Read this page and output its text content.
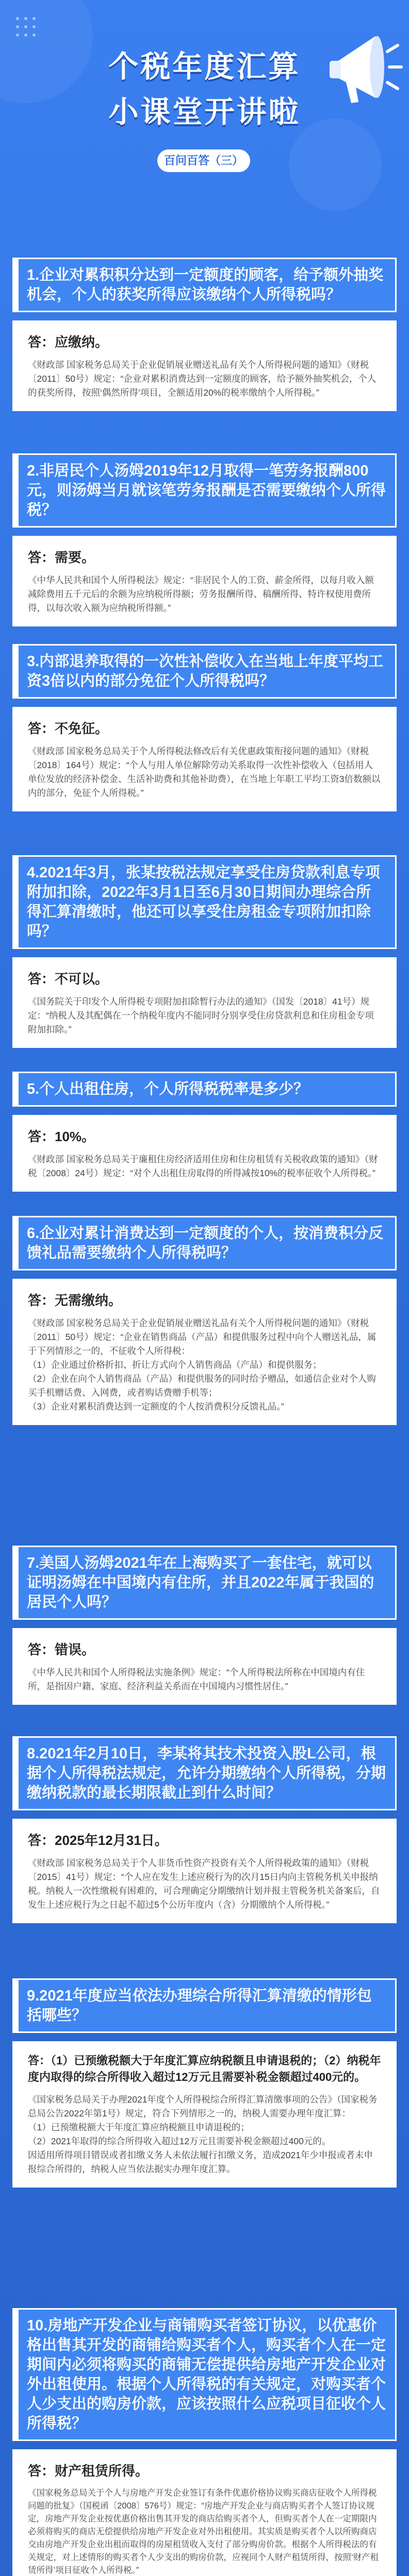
个税年度汇算
小课堂开讲啦
百问百答（三）
1.企业对累积积分达到一定额度的顾客，给予额外抽奖机会，个人的获奖所得应该缴纳个人所得税吗？
答：应缴纳。
《财政部 国家税务总局关于企业促销展业赠送礼品有关个人所得税问题的通知》（财税〔2011〕50号）规定：“企业对累积消费达到一定额度的顾客，给予额外抽奖机会，个人的获奖所得，按照‘偶然所得’项目，全额适用20%的税率缴纳个人所得税。”
2.非居民个人汤姆2019年12月取得一笔劳务报酬800元，则汤姆当月就该笔劳务报酬是否需要缴纳个人所得税？
答：需要。
《中华人民共和国个人所得税法》规定：“非居民个人的工资、薪金所得，以每月收入额减除费用五千元后的余额为应纳税所得额；劳务报酬所得、稿酬所得、特许权使用费所得，以每次收入额为应纳税所得额。”
3.内部退养取得的一次性补偿收入在当地上年度平均工资3倍以内的部分免征个人所得税吗？
答：不免征。
《财政部 国家税务总局关于个人所得税法修改后有关优惠政策衔接问题的通知》（财税〔2018〕164号）规定：“个人与用人单位解除劳动关系取得一次性补偿收入（包括用人单位发放的经济补偿金、生活补助费和其他补助费），在当地上年职工平均工资3倍数额以内的部分，免征个人所得税。”
4.2021年3月，张某按税法规定享受住房贷款利息专项附加扣除，2022年3月1日至6月30日期间办理综合所得汇算清缴时，他还可以享受住房租金专项附加扣除吗？
答：不可以。
《国务院关于印发个人所得税专项附加扣除暂行办法的通知》（国发〔2018〕41号）规定：“纳税人及其配偶在一个纳税年度内不能同时分别享受住房贷款利息和住房租金专项附加扣除。”
5.个人出租住房，个人所得税税率是多少？
答：10%。
《财政部 国家税务总局关于廉租住房经济适用住房和住房租赁有关税收政策的通知》（财税〔2008〕24号）规定：“对个人出租住房取得的所得减按10%的税率征收个人所得税。”
6.企业对累计消费达到一定额度的个人，按消费积分反馈礼品需要缴纳个人所得税吗？
答：无需缴纳。
《财政部 国家税务总局关于企业促销展业赠送礼品有关个人所得税问题的通知》（财税〔2011〕50号）规定：“企业在销售商品（产品）和提供服务过程中向个人赠送礼品，属于下列情形之一的，不征收个人所得税：
（1）企业通过价格折扣、折让方式向个人销售商品（产品）和提供服务；
（2）企业在向个人销售商品（产品）和提供服务的同时给予赠品，如通信企业对个人购买手机赠话费、入网费，或者购话费赠手机等；
（3）企业对累积消费达到一定额度的个人按消费积分反馈礼品。”
7.美国人汤姆2021年在上海购买了一套住宅，就可以证明汤姆在中国境内有住所，并且2022年属于我国的居民个人吗？
答：错误。
《中华人民共和国个人所得税法实施条例》规定：“个人所得税法所称在中国境内有住所，是指因户籍、家庭、经济利益关系而在中国境内习惯性居住。”
8.2021年2月10日，李某将其技术投资入股L公司，根据个人所得税法规定，允许分期缴纳个人所得税，分期缴纳税款的最长期限截止到什么时间？
答：2025年12月31日。
《财政部 国家税务总局关于个人非货币性资产投资有关个人所得税政策的通知》（财税〔2015〕41号）规定：“个人应在发生上述应税行为的次月15日内向主管税务机关申报纳税。纳税人一次性缴税有困难的，可合理确定分期缴纳计划并报主管税务机关备案后，自发生上述应税行为之日起不超过5个公历年度内（含）分期缴纳个人所得税。”
9.2021年度应当依法办理综合所得汇算清缴的情形包括哪些？
答：（1）已预缴税额大于年度汇算应纳税额且申请退税的；（2）纳税年度内取得的综合所得收入超过12万元且需要补税金额超过400元的。
《国家税务总局关于办理2021年度个人所得税综合所得汇算清缴事项的公告》（国家税务总局公告2022年第1号）规定，符合下列情形之一的，纳税人需要办理年度汇算：
（1）已预缴税额大于年度汇算应纳税额且申请退税的；
（2）2021年取得的综合所得收入超过12万元且需要补税金额超过400元的。
因适用所得项目错误或者扣缴义务人未依法履行扣缴义务，造成2021年少申报或者未申报综合所得的，纳税人应当依法据实办理年度汇算。
10.房地产开发企业与商铺购买者签订协议，以优惠价格出售其开发的商铺给购买者个人，购买者个人在一定期间内必须将购买的商铺无偿提供给房地产开发企业对外出租使用。根据个人所得税的有关规定，对购买者个人少支出的购房价款，应该按照什么应税项目征收个人所得税？
答：财产租赁所得。
《国家税务总局关于个人与房地产开发企业签订有条件优惠价格协议购买商店征收个人所得税问题的批复》（国税函〔2008〕576号）规定：“房地产开发企业与商店购买者个人签订协议规定，房地产开发企业按优惠价格出售其开发的商店给购买者个人，但购买者个人在一定期限内必须将购买的商店无偿提供给房地产开发企业对外出租使用。其实质是购买者个人以所购商店交由房地产开发企业出租而取得的房屋租赁收入支付了部分购房价款。根据个人所得税法的有关规定，对上述情形的购买者个人少支出的购房价款，应视同个人财产租赁所得，按照‘财产租赁所得’项目征收个人所得税。”
